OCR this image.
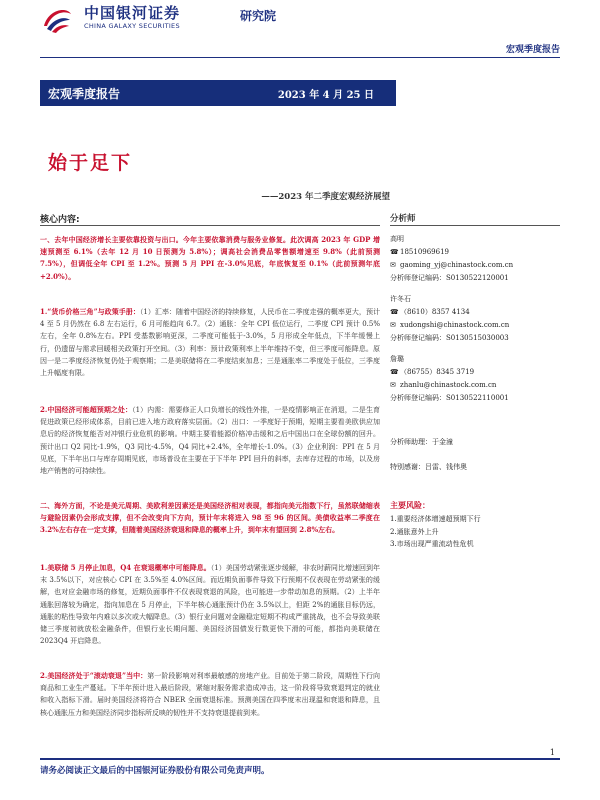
中国银河证券
CHINA GALAXY SECURITIES
研究院
宏观季度报告
宏观季度报告	2023 年 4 月 25 日
始于足下
——2023 年二季度宏观经济展望
核心内容:
一、去年中国经济增长主要依靠投资与出口。今年主要依靠消费与服务业修复。此次调高 2023 年 GDP 增速预测至 6.1%（去年 12 月 10 日预测为 5.8%）；调高社会消费品零售额增速至 9.8%（此前预测 7.5%），但调低全年 CPI 至 1.2%。预测 5 月 PPI 在-3.0%见底，年底恢复至 0.1%（此前预测年底+2.0%）。
1.“货币价格三角”与政策手册：（1）汇率：随着中国经济的持续修复，人民币在二季度走强的概率更大，预计 4 至 5 月仍然在 6.8 左右运行，6 月可能趋向 6.7。（2）通胀：全年 CPI 低位运行，二季度 CPI 预计 0.5%左右，全年 0.8%左右。PPI 受基数影响更深，二季度可能低于-3.0%，5 月形成全年低点，下半年缓慢上行，仍遗留与需求回暖相关政策打开空间。（3）利率：预计政策利率上半年维持不变，但三季度可能降息。原因一是二季度经济恢复仍处于观察期；二是美联储将在二季度结束加息；三是通胀率二季度处于低位，三季度上升幅度有限。
2.中国经济可能超预期之处：（1）内需：需要修正人口负增长的线性外推，一是疫情影响正在消退，二是生育促进政策已经形成体系，目前已进入地方政府落实层面。（2）出口：一季度好于预期，短期主要看美欧供应加息后的经济恢复能否对冲银行业危机的影响。中期主要看能源价格冲击缓和之后中国出口在全球份额的回升。预计出口 Q2 同比-1.9%，Q3 同比-4.5%，Q4 同比+2.4%，全年增长-1.0%。（3）企业利润：PPI 在 5 月见底，下半年出口与库存周期见底，市场普设在主要在于下半年 PPI 回升的斜率，去库存过程的市场，以及房地产销售的可持续性。
二、海外方面，不论是美元周期、美欧利差因素还是美国经济相对表现，都指向美元指数下行，虽然联储缩表与避险因素仍会形成支撑，但不会改变向下方向，预计年末将进入 98 至 96 的区间。美债收益率二季度在 3.2%左右存在一定支撑，但随着美国经济衰退和降息的概率上升，到年末有望回到 2.8%左右。
1.美联储 5 月停止加息，Q4 在衰退概率中可能降息。（1）美国劳动紧张逐步缓解，非农时薪同比增速回到年末 3.5%以下，对应核心 CPI 在 3.5%至 4.0%区间。而近期负面事件导致下行预期不仅表现在劳动紧张的缓解，也对应金融市场的修复，近期负面事件不仅表现衰退的风险，也可能进一步带动加息的预期。（2）上半年通胀回落较为确定，指向加息在 5 月停止，下半年核心通胀预计仍在 3.5%以上，但距 2%的通胀目标仍远，通胀的粘性导致年内难以多次或大幅降息。（3）银行业问题对金融稳定短期不构成严重挑战，也不会导致美联储三季度初就放松金融条件，但银行业长期问题、美国经济国债发行数更快下滑的可能，都指向美联储在 2023Q4 开启降息。
2.美国经济处于“滚动衰退”当中：第一阶段影响对利率最敏感的房地产业。目前处于第二阶段，周期性下行向商品和工业生产蔓延。下半年预计进入最后阶段，紧缩对服务需求造成冲击，这一阶段将导致衰退判定的就业和收入指标下滑。届时美国经济将符合 NBER 全面衰退标准。预测美国在四季度末出现温和衰退和降息，且核心通胀压力和美国经济同步指标所反映的韧性并不支持衰退提前到来。
分析师
高明
☎18510969619
✉ gaoming_yj@chinastock.com.cn
分析师登记编码：S0130522120001
许冬石
☎（8610）8357 4134
✉ xudongshi@chinastock.com.cn
分析师登记编码：S0130515030003
詹璐
☎（86755）8345 3719
✉ zhanlu@chinastock.com.cn
分析师登记编码：S0130522110001
分析师助理：于金潼
特别感谢：吕雷、钱伟奥
主要风险：
1.重要经济体增速超预期下行
2.通胀意外上升
3.市场出现严重流动性危机
1
请务必阅读正文最后的中国银河证券股份有限公司免责声明。
